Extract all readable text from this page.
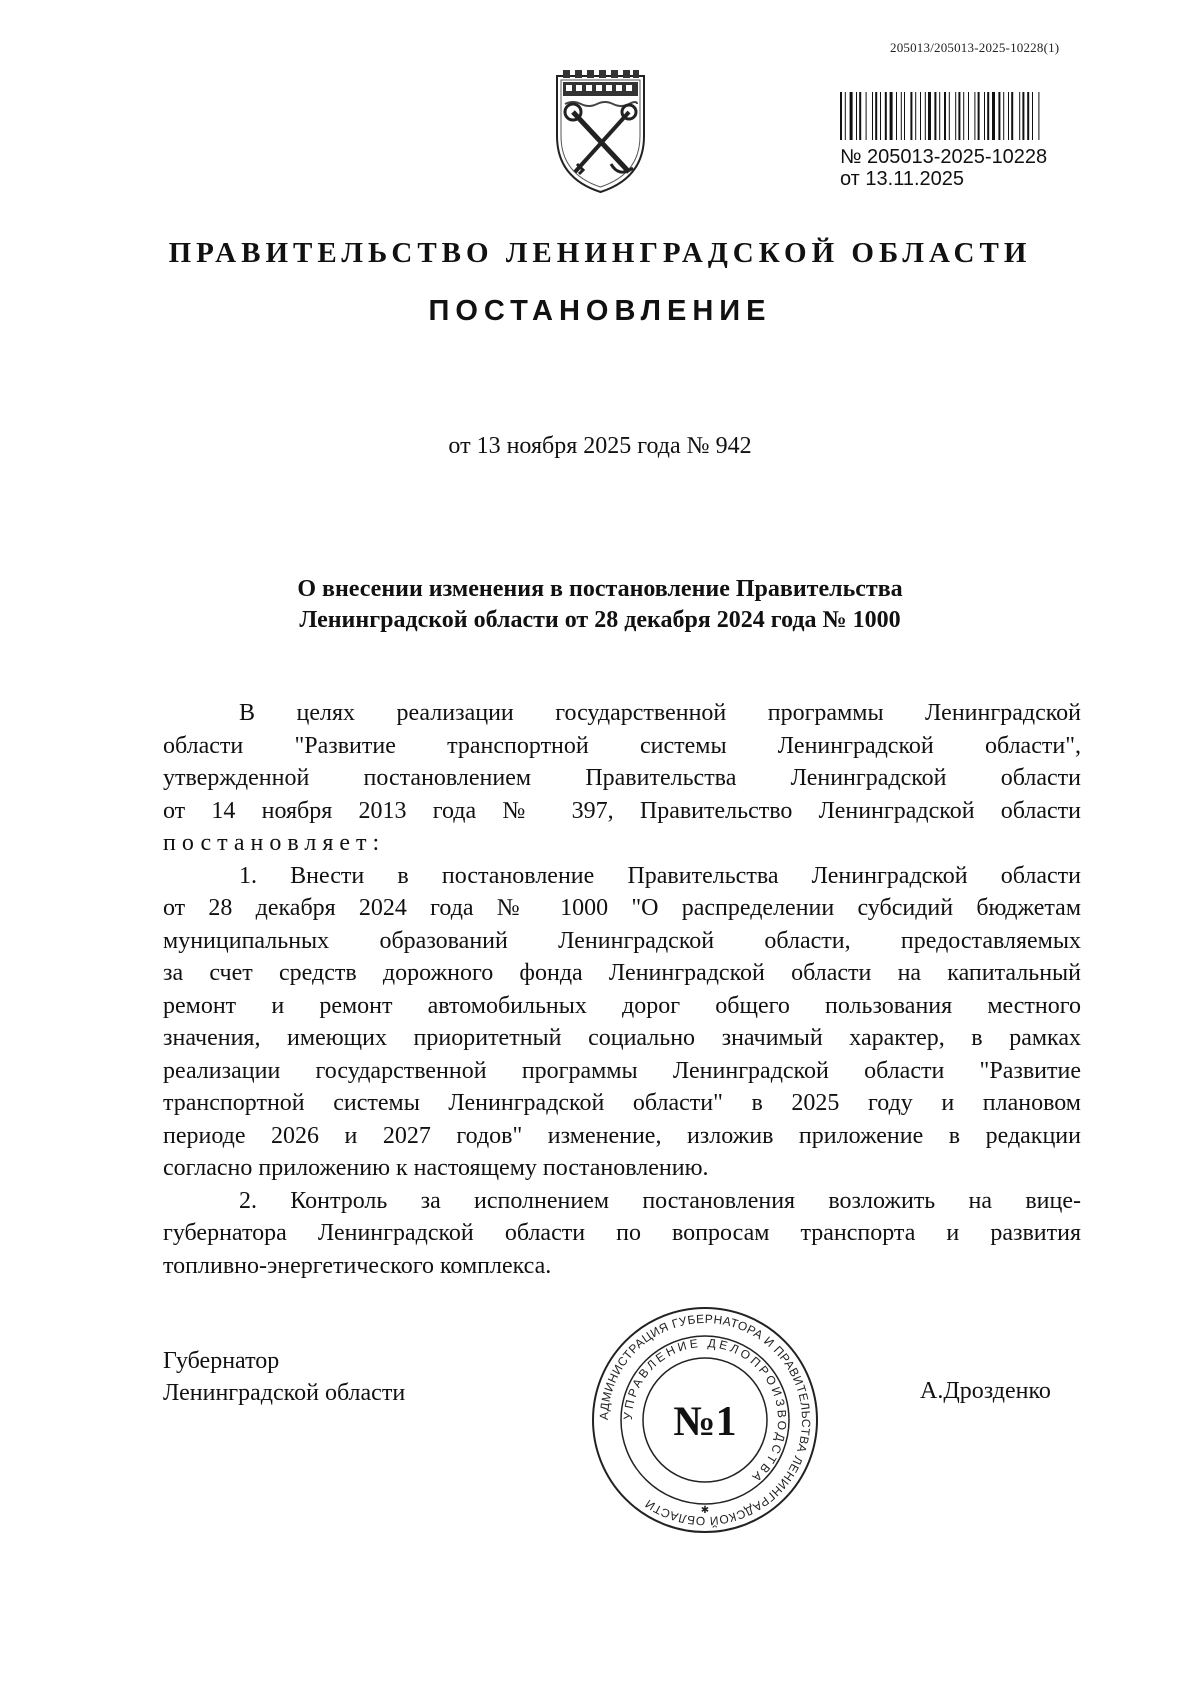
205013/205013-2025-10228(1)
№ 205013-2025-10228
от 13.11.2025
ПРАВИТЕЛЬСТВО ЛЕНИНГРАДСКОЙ ОБЛАСТИ
ПОСТАНОВЛЕНИЕ
от 13 ноября 2025 года № 942
О внесении изменения в постановление Правительства
Ленинградской области от 28 декабря 2024 года № 1000
В целях реализации государственной программы Ленинградской
области "Развитие транспортной системы Ленинградской области",
утвержденной постановлением Правительства Ленинградской области
от 14 ноября 2013 года № 397, Правительство Ленинградской области
постановляет:
1. Внести в постановление Правительства Ленинградской области
от 28 декабря 2024 года № 1000 "О распределении субсидий бюджетам
муниципальных образований Ленинградской области, предоставляемых
за счет средств дорожного фонда Ленинградской области на капитальный
ремонт и ремонт автомобильных дорог общего пользования местного
значения, имеющих приоритетный социально значимый характер, в рамках
реализации государственной программы Ленинградской области "Развитие
транспортной системы Ленинградской области" в 2025 году и плановом
периоде 2026 и 2027 годов" изменение, изложив приложение в редакции
согласно приложению к настоящему постановлению.
2. Контроль за исполнением постановления возложить на вице-
губернатора Ленинградской области по вопросам транспорта и развития
топливно-энергетического комплекса.
Губернатор
Ленинградской области	А.Дрозденко
АДМИНИСТРАЦИЯ ГУБЕРНАТОРА И ПРАВИТЕЛЬСТВА ЛЕНИНГРАДСКОЙ ОБЛАСТИ
УПРАВЛЕНИЕ ДЕЛОПРОИЗВОДСТВА
№1
✱
